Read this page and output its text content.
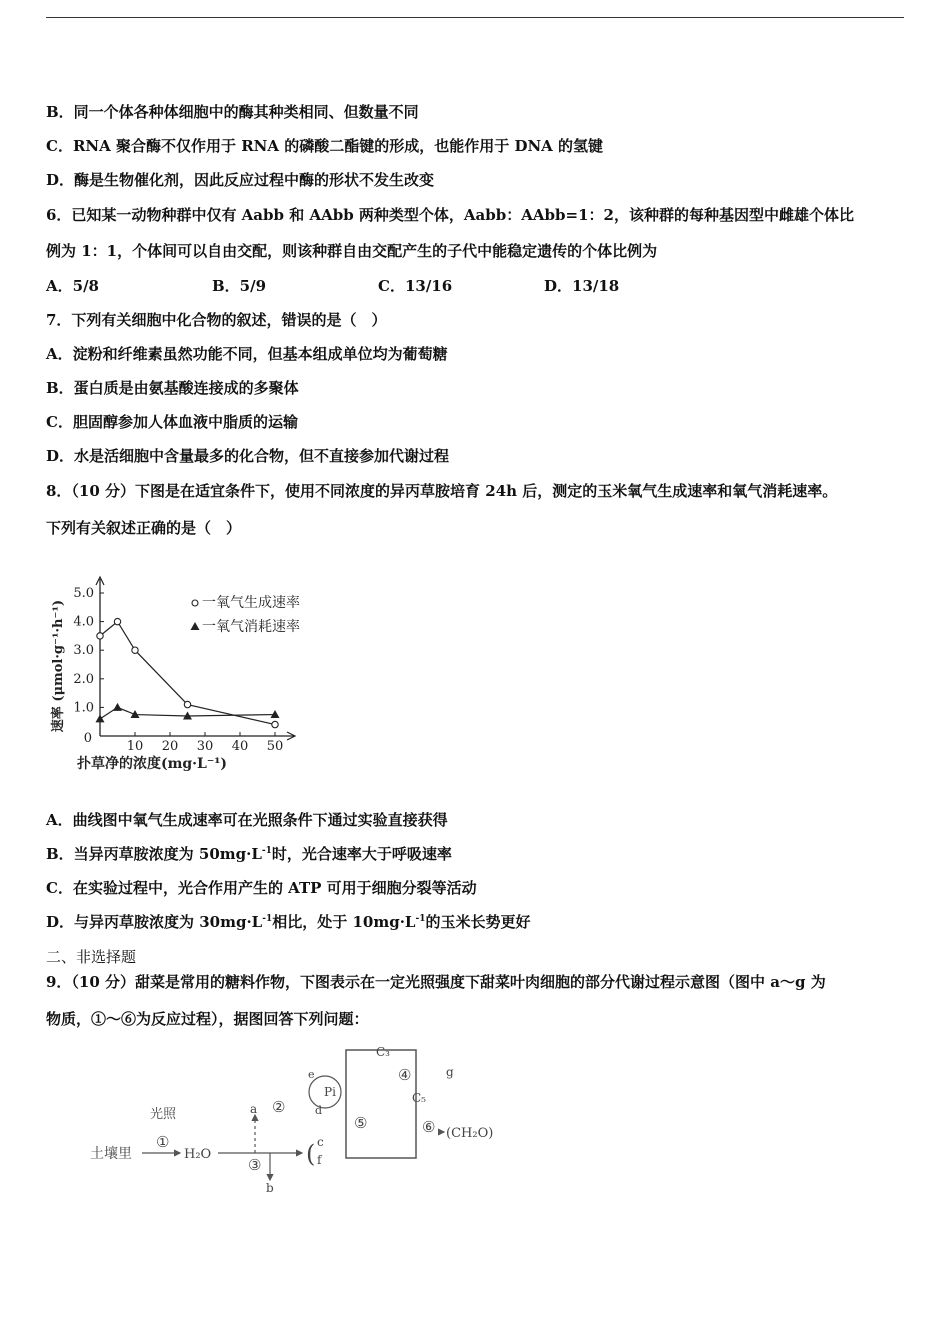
B．同一个体各种体细胞中的酶其种类相同、但数量不同
C．RNA 聚合酶不仅作用于 RNA 的磷酸二酯键的形成，也能作用于 DNA 的氢键
D．酶是生物催化剂，因此反应过程中酶的形状不发生改变
6．已知某一动物种群中仅有 Aabb 和 AAbb 两种类型个体，Aabb：AAbb=1：2，该种群的每种基因型中雌雄个体比
例为 1：1，个体间可以自由交配，则该种群自由交配产生的子代中能稳定遗传的个体比例为
A．5/8	B．5/9	C．13/16	D．13/18
7．下列有关细胞中化合物的叙述，错误的是（　）
A．淀粉和纤维素虽然功能不同，但基本组成单位均为葡萄糖
B．蛋白质是由氨基酸连接成的多聚体
C．胆固醇参加人体血液中脂质的运输
D．水是活细胞中含量最多的化合物，但不直接参加代谢过程
8．（10 分）下图是在适宜条件下，使用不同浓度的异丙草胺培育 24h 后，测定的玉米氧气生成速率和氧气消耗速率。
下列有关叙述正确的是（　）
1.0
2.0
3.0
4.0
5.0
0
10 20 30 40 50
扑草净的浓度(mg·L⁻¹)
速率 (μmol·g⁻¹·h⁻¹)	一氧气生成速率
一氧气消耗速率
A．曲线图中氧气生成速率可在光照条件下通过实验直接获得
B．当异丙草胺浓度为 $50mg\cdot L^{-1}$时，光合速率大于呼吸速率
C．在实验过程中，光合作用产生的 ATP 可用于细胞分裂等活动
D．与异丙草胺浓度为 $30mg\cdot L^{-1}$相比，处于 $10mg\cdot L^{-1}$的玉米长势更好
二、非选择题
9．（10 分）甜菜是常用的糖料作物，下图表示在一定光照强度下甜菜叶肉细胞的部分代谢过程示意图（图中 a～g 为
物质，①～⑥为反应过程），据图回答下列问题：
土壤里
光照
①
H₂O
a
③
b
( c
f
②
e
Pi
d
⑤
C₃
④	g
C₅
⑥ (CH₂O)
